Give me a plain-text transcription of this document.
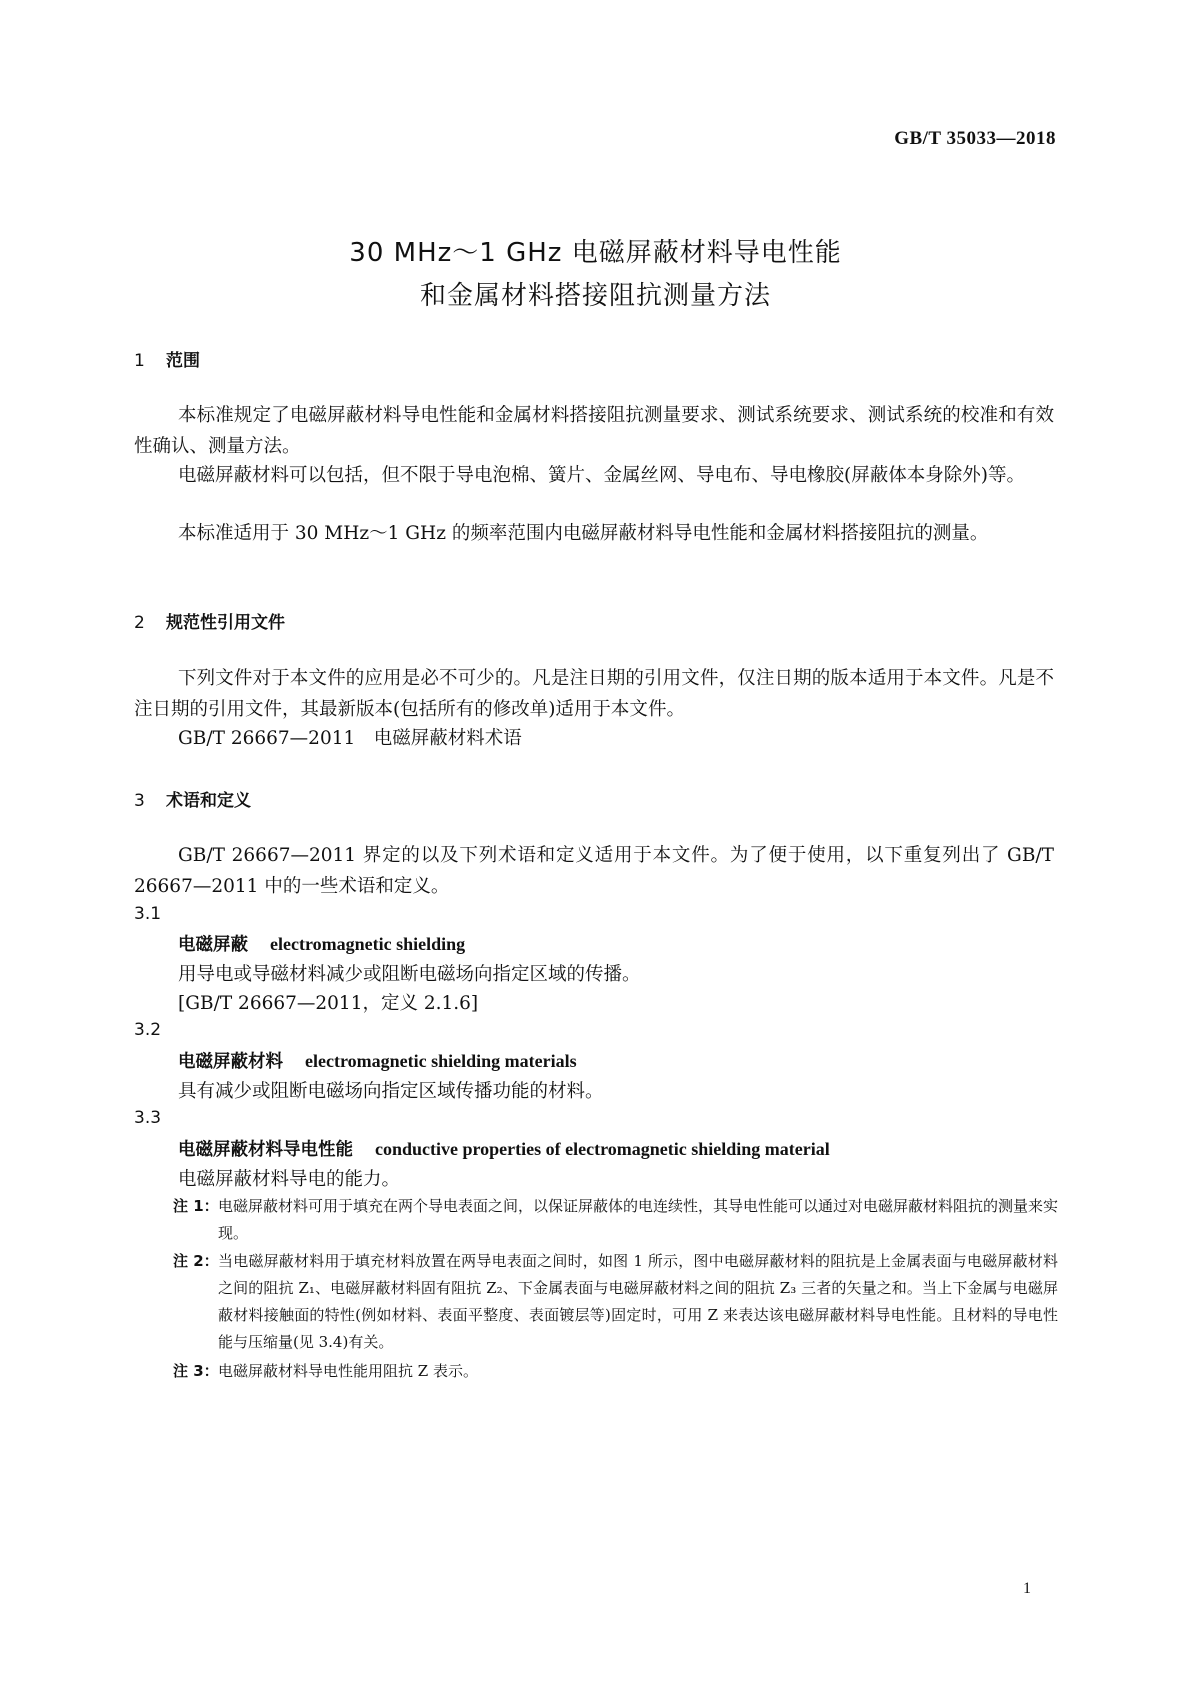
GB/T 35033—2018
30 MHz～1 GHz 电磁屏蔽材料导电性能
和金属材料搭接阻抗测量方法
1 范围
本标准规定了电磁屏蔽材料导电性能和金属材料搭接阻抗测量要求、测试系统要求、测试系统的校准和有效性确认、测量方法。
电磁屏蔽材料可以包括，但不限于导电泡棉、簧片、金属丝网、导电布、导电橡胶(屏蔽体本身除外)等。
本标准适用于 30 MHz～1 GHz 的频率范围内电磁屏蔽材料导电性能和金属材料搭接阻抗的测量。
2 规范性引用文件
下列文件对于本文件的应用是必不可少的。凡是注日期的引用文件，仅注日期的版本适用于本文件。凡是不注日期的引用文件，其最新版本(包括所有的修改单)适用于本文件。
GB/T 26667—2011　电磁屏蔽材料术语
3 术语和定义
GB/T 26667—2011 界定的以及下列术语和定义适用于本文件。为了便于使用，以下重复列出了 GB/T 26667—2011 中的一些术语和定义。
3.1
电磁屏蔽 electromagnetic shielding
用导电或导磁材料减少或阻断电磁场向指定区域的传播。
[GB/T 26667—2011，定义 2.1.6]
3.2
电磁屏蔽材料 electromagnetic shielding materials
具有减少或阻断电磁场向指定区域传播功能的材料。
3.3
电磁屏蔽材料导电性能 conductive properties of electromagnetic shielding material
电磁屏蔽材料导电的能力。
注 1： 电磁屏蔽材料可用于填充在两个导电表面之间，以保证屏蔽体的电连续性，其导电性能可以通过对电磁屏蔽材料阻抗的测量来实现。
注 2： 当电磁屏蔽材料用于填充材料放置在两导电表面之间时，如图 1 所示，图中电磁屏蔽材料的阻抗是上金属表面与电磁屏蔽材料之间的阻抗 Z₁、电磁屏蔽材料固有阻抗 Z₂、下金属表面与电磁屏蔽材料之间的阻抗 Z₃ 三者的矢量之和。当上下金属与电磁屏蔽材料接触面的特性(例如材料、表面平整度、表面镀层等)固定时，可用 Z 来表达该电磁屏蔽材料导电性能。且材料的导电性能与压缩量(见 3.4)有关。
注 3： 电磁屏蔽材料导电性能用阻抗 Z 表示。
1
